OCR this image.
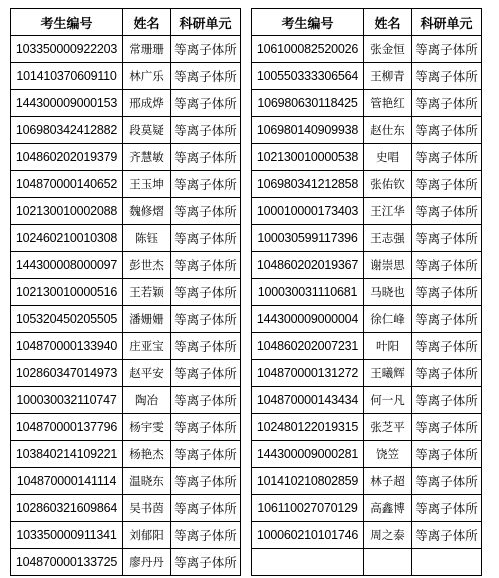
考生编号	姓名	科研单元
103350000922203	常珊珊	等离子体所
101410370609110	林广乐	等离子体所
144300009000153	邢成烨	等离子体所
106980342412882	段莫疑	等离子体所
104860202019379	齐慧敏	等离子体所
104870000140652	王玉坤	等离子体所
102130010002088	魏修熠	等离子体所
102460210010308	陈钰	等离子体所
144300008000097	彭世杰	等离子体所
102130010000516	王若颖	等离子体所
105320450205505	潘姗姗	等离子体所
104870000133940	庄亚宝	等离子体所
102860347014973	赵平安	等离子体所
100030032110747	陶冶	等离子体所
104870000137796	杨宇雯	等离子体所
103840214109221	杨艳杰	等离子体所
104870000141114	温晓东	等离子体所
102860321609864	吴书茵	等离子体所
103350000911341	刘郁阳	等离子体所
104870000133725	廖丹丹	等离子体所
考生编号	姓名	科研单元
106100082520026	张金恒	等离子体所
100550333306564	王柳青	等离子体所
106980630118425	管艳红	等离子体所
106980140909938	赵仕东	等离子体所
102130010000538	史唱	等离子体所
106980341212858	张佑钦	等离子体所
100010000173403	王江华	等离子体所
100030599117396	王志强	等离子体所
104860202019367	谢崇思	等离子体所
100030031110681	马晓也	等离子体所
144300009000004	徐仁峰	等离子体所
104860202007231	叶阳	等离子体所
104870000131272	王曦辉	等离子体所
104870000143434	何一凡	等离子体所
102480122019315	张芝平	等离子体所
144300009000281	饶笠	等离子体所
101410210802859	林子超	等离子体所
106110027070129	高鑫博	等离子体所
100060210101746	周之泰	等离子体所
